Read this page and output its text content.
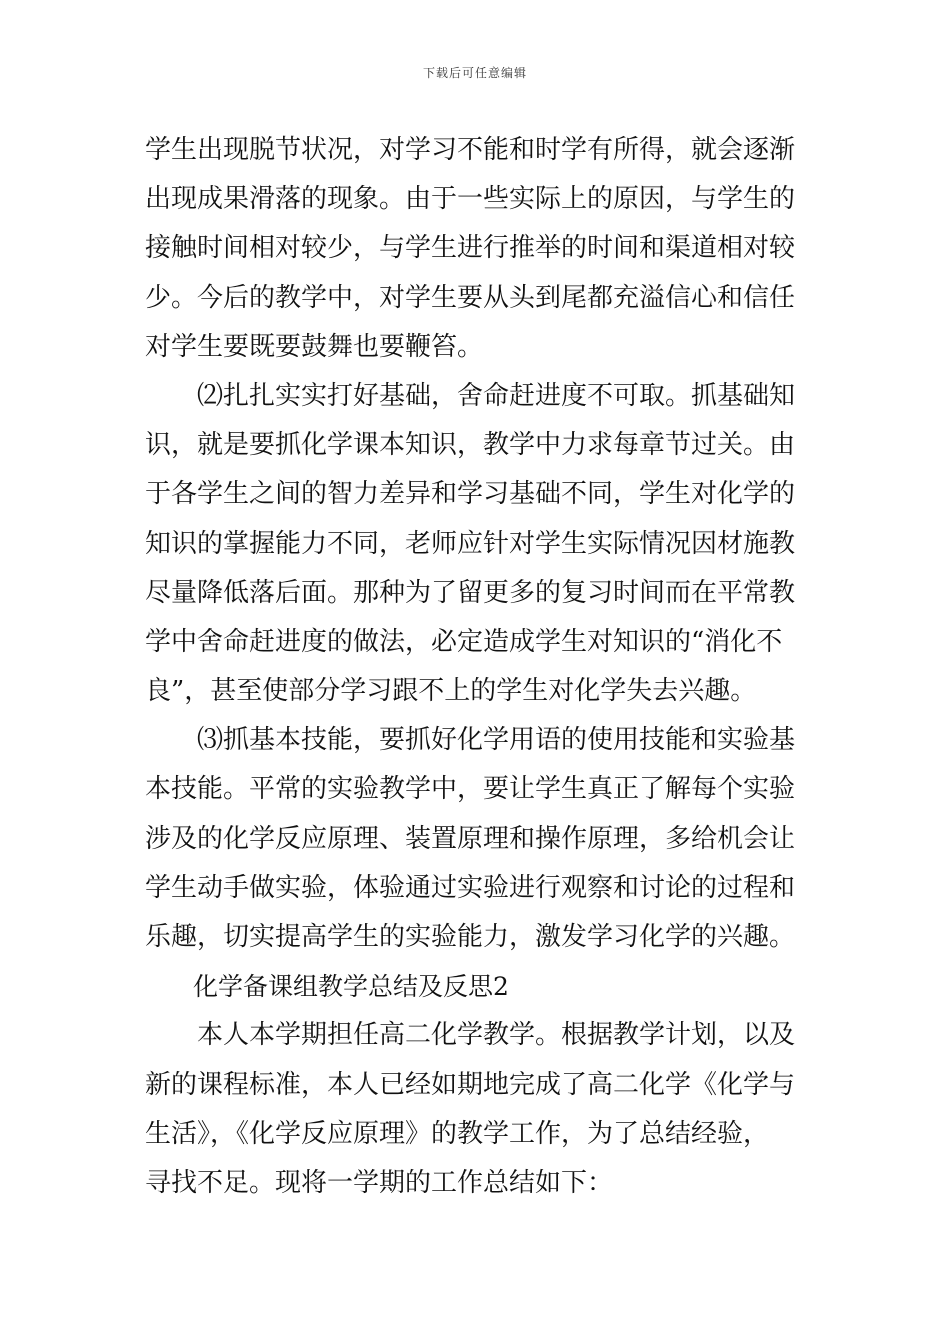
下载后可任意编辑
学生出现脱节状况，对学习不能和时学有所得，就会逐渐
出现成果滑落的现象。由于一些实际上的原因，与学生的
接触时间相对较少，与学生进行推举的时间和渠道相对较
少。今后的教学中，对学生要从头到尾都充溢信心和信任
对学生要既要鼓舞也要鞭笞。
⑵扎扎实实打好基础，舍命赶进度不可取。抓基础知
识，就是要抓化学课本知识，教学中力求每章节过关。由
于各学生之间的智力差异和学习基础不同，学生对化学的
知识的掌握能力不同，老师应针对学生实际情况因材施教
尽量降低落后面。那种为了留更多的复习时间而在平常教
学中舍命赶进度的做法，必定造成学生对知识的“消化不
良”，甚至使部分学习跟不上的学生对化学失去兴趣。
⑶抓基本技能，要抓好化学用语的使用技能和实验基
本技能。平常的实验教学中，要让学生真正了解每个实验
涉及的化学反应原理、装置原理和操作原理，多给机会让
学生动手做实验，体验通过实验进行观察和讨论的过程和
乐趣，切实提高学生的实验能力，激发学习化学的兴趣。
化学备课组教学总结及反思2
本人本学期担任高二化学教学。根据教学计划，以及
新的课程标准，本人已经如期地完成了高二化学《化学与
生活》，《化学反应原理》的教学工作，为了总结经验，
寻找不足。现将一学期的工作总结如下：
